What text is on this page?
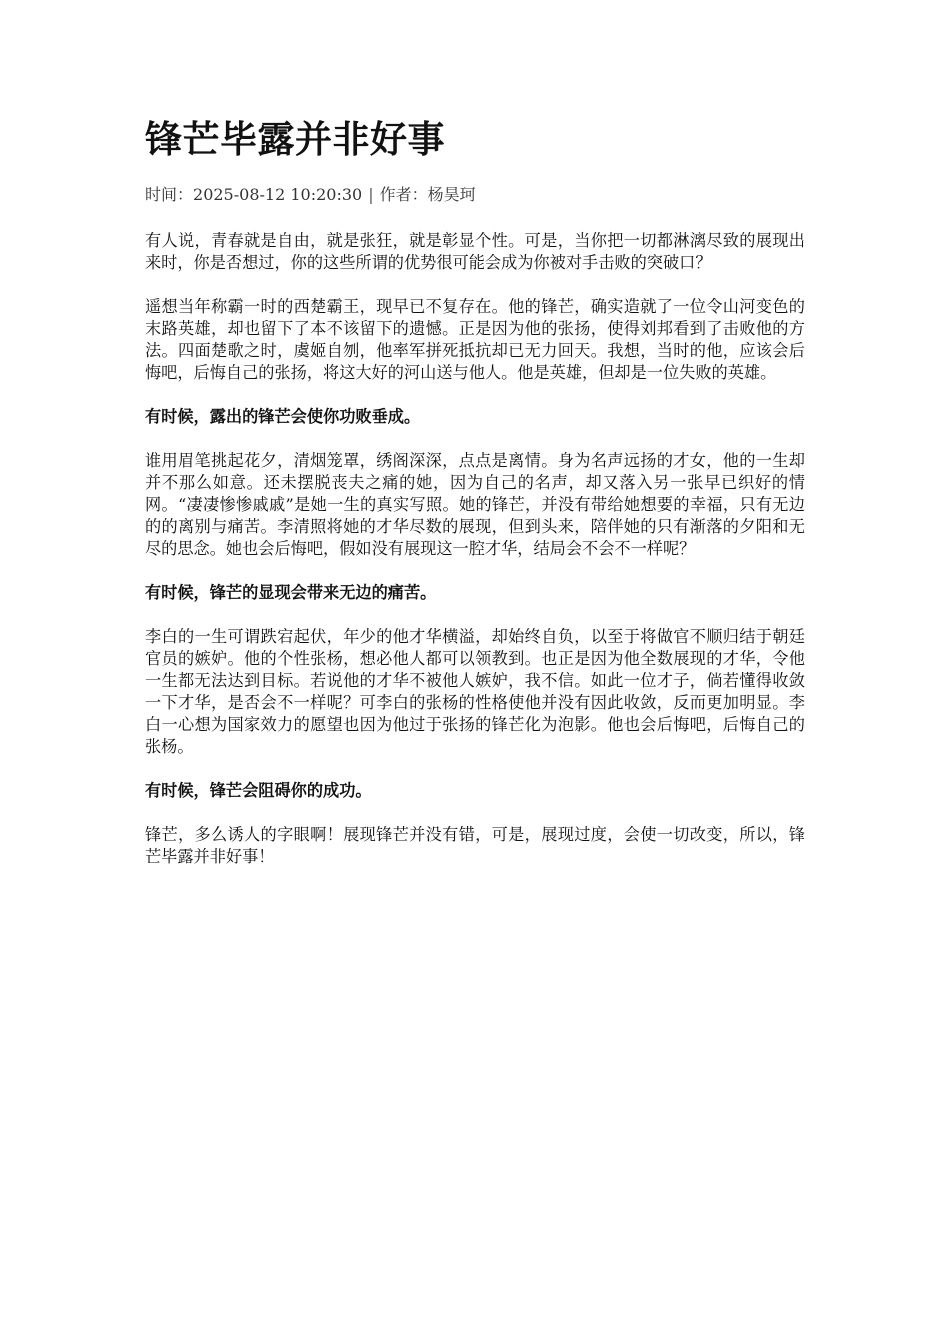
锋芒毕露并非好事
时间：2025-08-12 10:20:30 | 作者：杨昊珂

有人说，青春就是自由，就是张狂，就是彰显个性。可是，当你把一切都淋漓尽致的展现出来时，你是否想过，你的这些所谓的优势很可能会成为你被对手击败的突破口？

遥想当年称霸一时的西楚霸王，现早已不复存在。他的锋芒，确实造就了一位令山河变色的末路英雄，却也留下了本不该留下的遗憾。正是因为他的张扬，使得刘邦看到了击败他的方法。四面楚歌之时，虞姬自刎，他率军拼死抵抗却已无力回天。我想，当时的他，应该会后悔吧，后悔自己的张扬，将这大好的河山送与他人。他是英雄，但却是一位失败的英雄。

有时候，露出的锋芒会使你功败垂成。

谁用眉笔挑起花夕，清烟笼罩，绣阁深深，点点是离情。身为名声远扬的才女，他的一生却并不那么如意。还未摆脱丧夫之痛的她，因为自己的名声，却又落入另一张早已织好的情网。“凄凄惨惨戚戚”是她一生的真实写照。她的锋芒，并没有带给她想要的幸福，只有无边的的离别与痛苦。李清照将她的才华尽数的展现，但到头来，陪伴她的只有渐落的夕阳和无尽的思念。她也会后悔吧，假如没有展现这一腔才华，结局会不会不一样呢？

有时候，锋芒的显现会带来无边的痛苦。

李白的一生可谓跌宕起伏，年少的他才华横溢，却始终自负，以至于将做官不顺归结于朝廷官员的嫉妒。他的个性张杨，想必他人都可以领教到。也正是因为他全数展现的才华，令他一生都无法达到目标。若说他的才华不被他人嫉妒，我不信。如此一位才子，倘若懂得收敛一下才华，是否会不一样呢？可李白的张杨的性格使他并没有因此收敛，反而更加明显。李白一心想为国家效力的愿望也因为他过于张扬的锋芒化为泡影。他也会后悔吧，后悔自己的张杨。

有时候，锋芒会阻碍你的成功。

锋芒，多么诱人的字眼啊！展现锋芒并没有错，可是，展现过度，会使一切改变，所以，锋芒毕露并非好事！
